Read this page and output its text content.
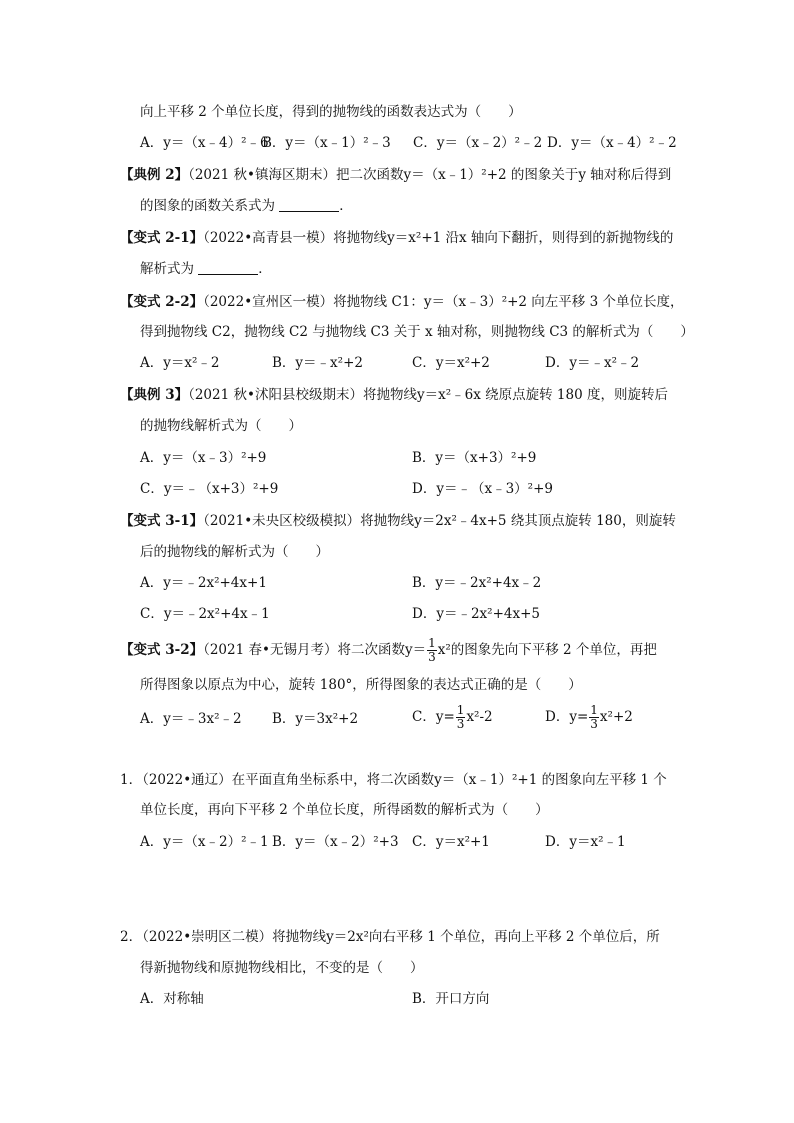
向上平移 2 个单位长度，得到的抛物线的函数表达式为（　　）
A．y＝（x﹣4）²﹣6
B．y＝（x﹣1）²﹣3 C．y＝（x﹣2）²﹣2 D．y＝（x﹣4）²﹣2
【典例 2】（2021 秋•镇海区期末）把二次函数y＝（x﹣1）²+2 的图象关于y 轴对称后得到
的图象的函数关系式为	．
【变式 2-1】（2022•高青县一模）将抛物线y＝x²+1 沿x 轴向下翻折，则得到的新抛物线的
解析式为	．
【变式 2-2】（2022•宣州区一模）将抛物线 C1：y＝（x﹣3）²+2 向左平移 3 个单位长度，
得到抛物线 C2，抛物线 C2 与抛物线 C3 关于 x 轴对称，则抛物线 C3 的解析式为（　　）
A．y＝x²﹣2	B．y＝﹣x²+2	C．y＝x²+2	D．y＝﹣x²﹣2
【典例 3】（2021 秋•沭阳县校级期末）将抛物线y＝x²﹣6x 绕原点旋转 180 度，则旋转后
的抛物线解析式为（　　）
A．y＝（x﹣3）²+9	B．y＝（x+3）²+9
C．y＝﹣（x+3）²+9	D．y＝﹣（x﹣3）²+9
【变式 3-1】（2021•未央区校级模拟）将抛物线y＝2x²﹣4x+5 绕其顶点旋转 180，则旋转
后的抛物线的解析式为（　　）
A．y＝﹣2x²+4x+1	B．y＝﹣2x²+4x﹣2
C．y＝﹣2x²+4x﹣1	D．y＝﹣2x²+4x+5
【变式 3-2】（2021 春•无锡月考）将二次函数$y= \frac{1}{3} x^2$的图象先向下平移 2 个单位，再把
所得图象以原点为中心，旋转 180°，所得图象的表达式正确的是（　　）
A．y＝﹣3x²﹣2 B．y＝3x²+2	C．$y= \frac{1}{3} x^2-2$	D．$y= \frac{1}{3} x^2+2$
1．（2022•通辽）在平面直角坐标系中，将二次函数y＝（x﹣1）²+1 的图象向左平移 1 个
单位长度，再向下平移 2 个单位长度，所得函数的解析式为（　　）
A．y＝（x﹣2）²﹣1 B．y＝（x﹣2）²+3 C．y＝x²+1	D．y＝x²﹣1
2．（2022•崇明区二模）将抛物线y＝2x²向右平移 1 个单位，再向上平移 2 个单位后，所
得新抛物线和原抛物线相比，不变的是（　　）
A．对称轴	B．开口方向
